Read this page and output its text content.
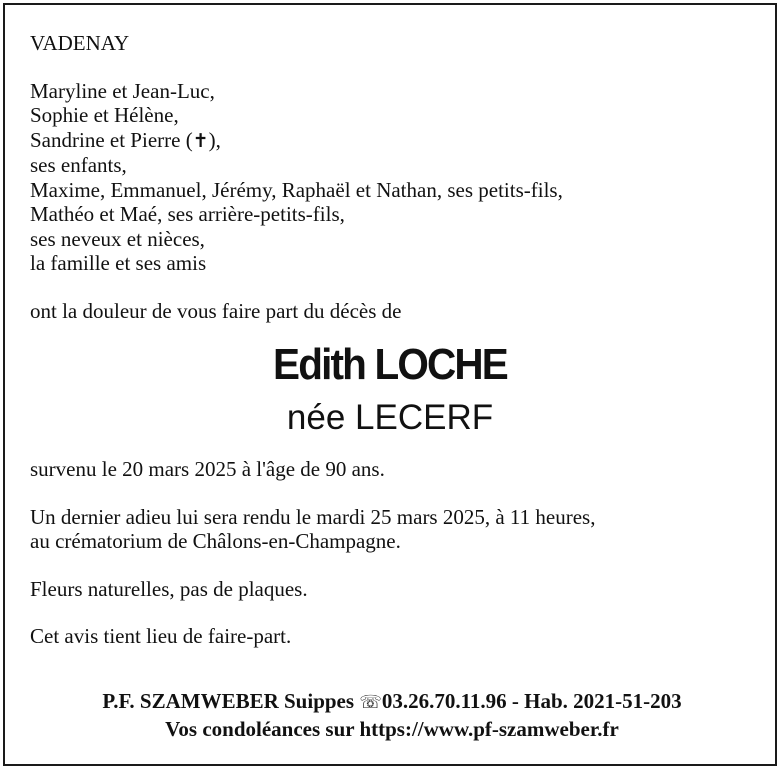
VADENAY
Maryline et Jean-Luc,
Sophie et Hélène,
Sandrine et Pierre (✝),
ses enfants,
Maxime, Emmanuel, Jérémy, Raphaël et Nathan, ses petits-fils,
Mathéo et Maé, ses arrière-petits-fils,
ses neveux et nièces,
la famille et ses amis
ont la douleur de vous faire part du décès de
Edith LOCHE
née LECERF
survenu le 20 mars 2025 à l'âge de 90 ans.
Un dernier adieu lui sera rendu le mardi 25 mars 2025, à 11 heures,
au crématorium de Châlons-en-Champagne.
Fleurs naturelles, pas de plaques.
Cet avis tient lieu de faire-part.
P.F. SZAMWEBER Suippes ☏03.26.70.11.96 - Hab. 2021-51-203
Vos condoléances sur https://www.pf-szamweber.fr
